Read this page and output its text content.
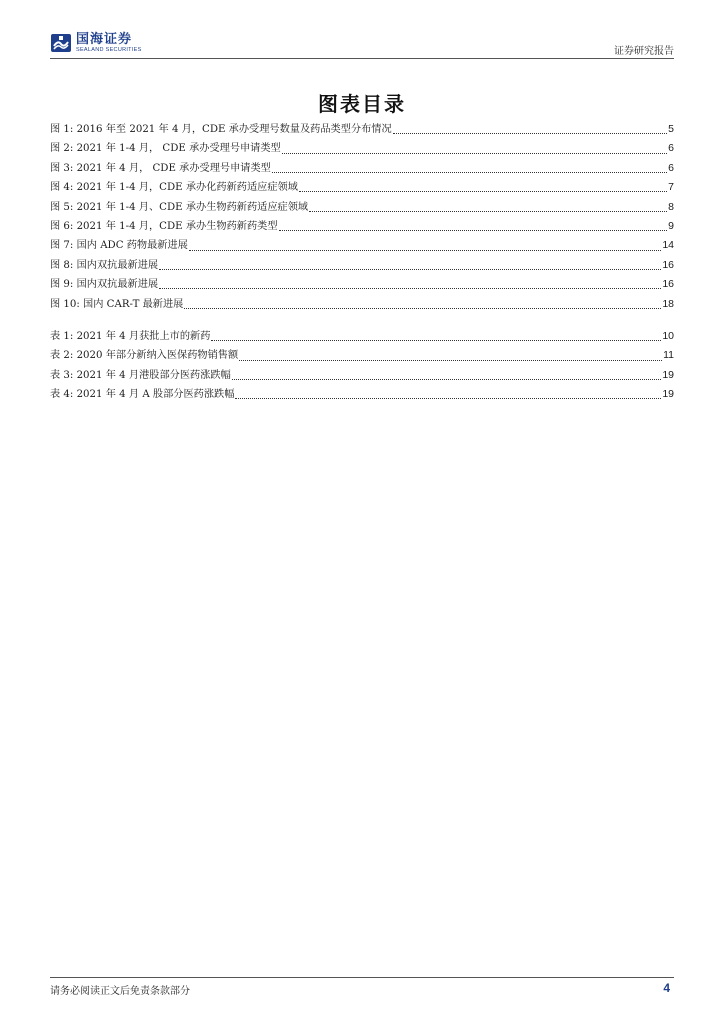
国海证券
SEALAND SECURITIES	证券研究报告
图表目录
图 1: 2016 年至 2021 年 4 月，CDE 承办受理号数量及药品类型分布情况	5
图 2: 2021 年 1-4 月， CDE 承办受理号申请类型	6
图 3: 2021 年 4 月， CDE 承办受理号申请类型	6
图 4: 2021 年 1-4 月，CDE 承办化药新药适应症领域	7
图 5: 2021 年 1-4 月、CDE 承办生物药新药适应症领域	8
图 6: 2021 年 1-4 月，CDE 承办生物药新药类型	9
图 7: 国内 ADC 药物最新进展	14
图 8: 国内双抗最新进展	16
图 9: 国内双抗最新进展	16
图 10: 国内 CAR-T 最新进展	18
表 1: 2021 年 4 月获批上市的新药	10
表 2: 2020 年部分新纳入医保药物销售额	11
表 3: 2021 年 4 月港股部分医药涨跌幅	19
表 4: 2021 年 4 月 A 股部分医药涨跌幅	19
请务必阅读正文后免责条款部分	4
